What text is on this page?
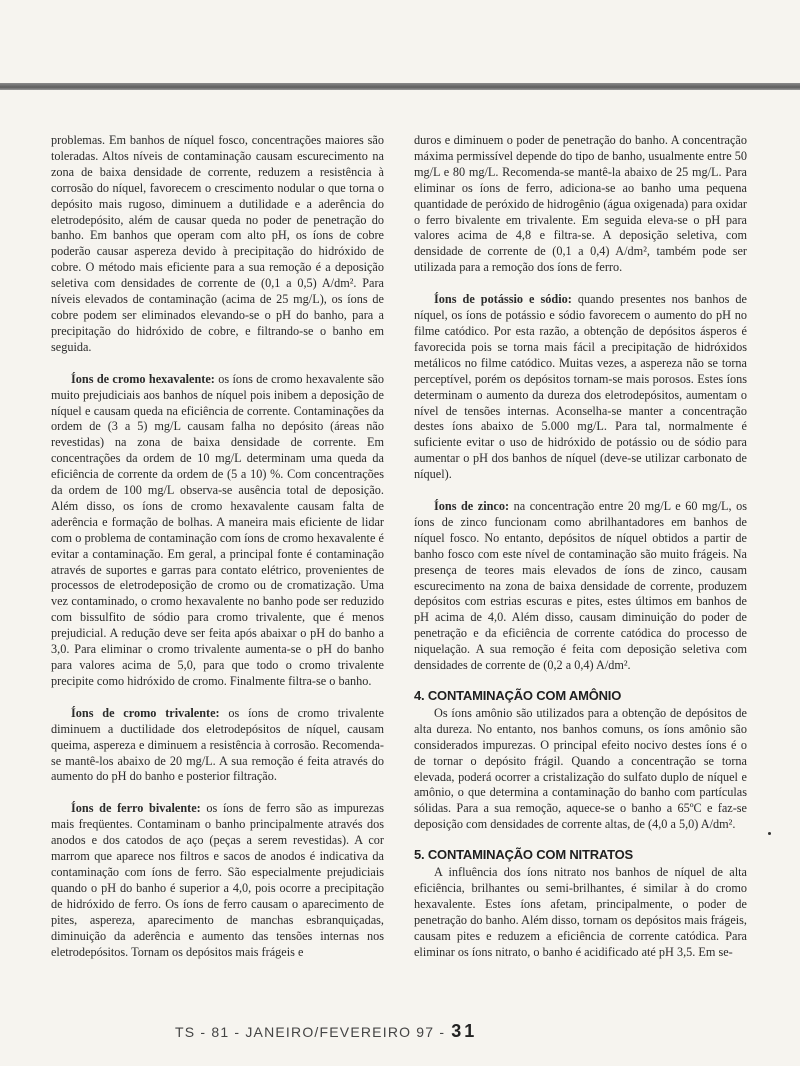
problemas. Em banhos de níquel fosco, concentrações maiores são toleradas. Altos níveis de contaminação causam escurecimento na zona de baixa densidade de corrente, reduzem a resistência à corrosão do níquel, favorecem o crescimento nodular o que torna o depósito mais rugoso, diminuem a dutilidade e a aderência do eletrodepósito, além de causar queda no poder de penetração do banho. Em banhos que operam com alto pH, os íons de cobre poderão causar aspereza devido à precipitação do hidróxido de cobre. O método mais eficiente para a sua remoção é a deposição seletiva com densidades de corrente de (0,1 a 0,5) A/dm². Para níveis elevados de contaminação (acima de 25 mg/L), os íons de cobre podem ser eliminados elevando-se o pH do banho, para a precipitação do hidróxido de cobre, e filtrando-se o banho em seguida.

Íons de cromo hexavalente: os íons de cromo hexavalente são muito prejudiciais aos banhos de níquel pois inibem a deposição de níquel e causam queda na eficiência de corrente. Contaminações da ordem de (3 a 5) mg/L causam falha no depósito (áreas não revestidas) na zona de baixa densidade de corrente. Em concentrações da ordem de 10 mg/L determinam uma queda da eficiência de corrente da ordem de (5 a 10) %. Com concentrações da ordem de 100 mg/L observa-se ausência total de deposição. Além disso, os íons de cromo hexavalente causam falta de aderência e formação de bolhas. A maneira mais eficiente de lidar com o problema de contaminação com íons de cromo hexavalente é evitar a contaminação. Em geral, a principal fonte é contaminação através de suportes e garras para contato elétrico, provenientes de processos de eletrodeposição de cromo ou de cromatização. Uma vez contaminado, o cromo hexavalente no banho pode ser reduzido com bissulfito de sódio para cromo trivalente, que é menos prejudicial. A redução deve ser feita após abaixar o pH do banho a 3,0. Para eliminar o cromo trivalente aumenta-se o pH do banho para valores acima de 5,0, para que todo o cromo trivalente precipite como hidróxido de cromo. Finalmente filtra-se o banho.

Íons de cromo trivalente: os íons de cromo trivalente diminuem a ductilidade dos eletrodepósitos de níquel, causam queima, aspereza e diminuem a resistência à corrosão. Recomenda-se mantê-los abaixo de 20 mg/L. A sua remoção é feita através do aumento do pH do banho e posterior filtração.

Íons de ferro bivalente: os íons de ferro são as impurezas mais freqüentes. Contaminam o banho principalmente através dos anodos e dos catodos de aço (peças a serem revestidas). A cor marrom que aparece nos filtros e sacos de anodos é indicativa da contaminação com íons de ferro. São especialmente prejudiciais quando o pH do banho é superior a 4,0, pois ocorre a precipitação de hidróxido de ferro. Os íons de ferro causam o aparecimento de pites, aspereza, aparecimento de manchas esbranquiçadas, diminuição da aderência e aumento das tensões internas nos eletrodepósitos. Tornam os depósitos mais frágeis e

duros e diminuem o poder de penetração do banho. A concentração máxima permissível depende do tipo de banho, usualmente entre 50 mg/L e 80 mg/L. Recomenda-se mantê-la abaixo de 25 mg/L. Para eliminar os íons de ferro, adiciona-se ao banho uma pequena quantidade de peróxido de hidrogênio (água oxigenada) para oxidar o ferro bivalente em trivalente. Em seguida eleva-se o pH para valores acima de 4,8 e filtra-se. A deposição seletiva, com densidade de corrente de (0,1 a 0,4) A/dm², também pode ser utilizada para a remoção dos íons de ferro.

Íons de potássio e sódio: quando presentes nos banhos de níquel, os íons de potássio e sódio favorecem o aumento do pH no filme catódico. Por esta razão, a obtenção de depósitos ásperos é favorecida pois se torna mais fácil a precipitação de hidróxidos metálicos no filme catódico. Muitas vezes, a aspereza não se torna perceptível, porém os depósitos tornam-se mais porosos. Estes íons determinam o aumento da dureza dos eletrodepósitos, aumentam o nível de tensões internas. Aconselha-se manter a concentração destes íons abaixo de 5.000 mg/L. Para tal, normalmente é suficiente evitar o uso de hidróxido de potássio ou de sódio para aumentar o pH dos banhos de níquel (deve-se utilizar carbonato de níquel).

Íons de zinco: na concentração entre 20 mg/L e 60 mg/L, os íons de zinco funcionam como abrilhantadores em banhos de níquel fosco. No entanto, depósitos de níquel obtidos a partir de banho fosco com este nível de contaminação são muito frágeis. Na presença de teores mais elevados de íons de zinco, causam escurecimento na zona de baixa densidade de corrente, produzem depósitos com estrias escuras e pites, estes últimos em banhos de pH acima de 4,0. Além disso, causam diminuição do poder de penetração e da eficiência de corrente catódica do processo de niquelação. A sua remoção é feita com deposição seletiva com densidades de corrente de (0,2 a 0,4) A/dm².

4. CONTAMINAÇÃO COM AMÔNIO

Os íons amônio são utilizados para a obtenção de depósitos de alta dureza. No entanto, nos banhos comuns, os íons amônio são considerados impurezas. O principal efeito nocivo destes íons é o de tornar o depósito frágil. Quando a concentração se torna elevada, poderá ocorrer a cristalização do sulfato duplo de níquel e amônio, o que determina a contaminação do banho com partículas sólidas. Para a sua remoção, aquece-se o banho a 65ºC e faz-se deposição com densidades de corrente altas, de (4,0 a 5,0) A/dm².

5. CONTAMINAÇÃO COM NITRATOS

A influência dos íons nitrato nos banhos de níquel de alta eficiência, brilhantes ou semi-brilhantes, é similar à do cromo hexavalente. Estes íons afetam, principalmente, o poder de penetração do banho. Além disso, tornam os depósitos mais frágeis, causam pites e reduzem a eficiência de corrente catódica. Para eliminar os íons nitrato, o banho é acidificado até pH 3,5. Em se-

TS - 81 - JANEIRO/FEVEREIRO 97 - 31
